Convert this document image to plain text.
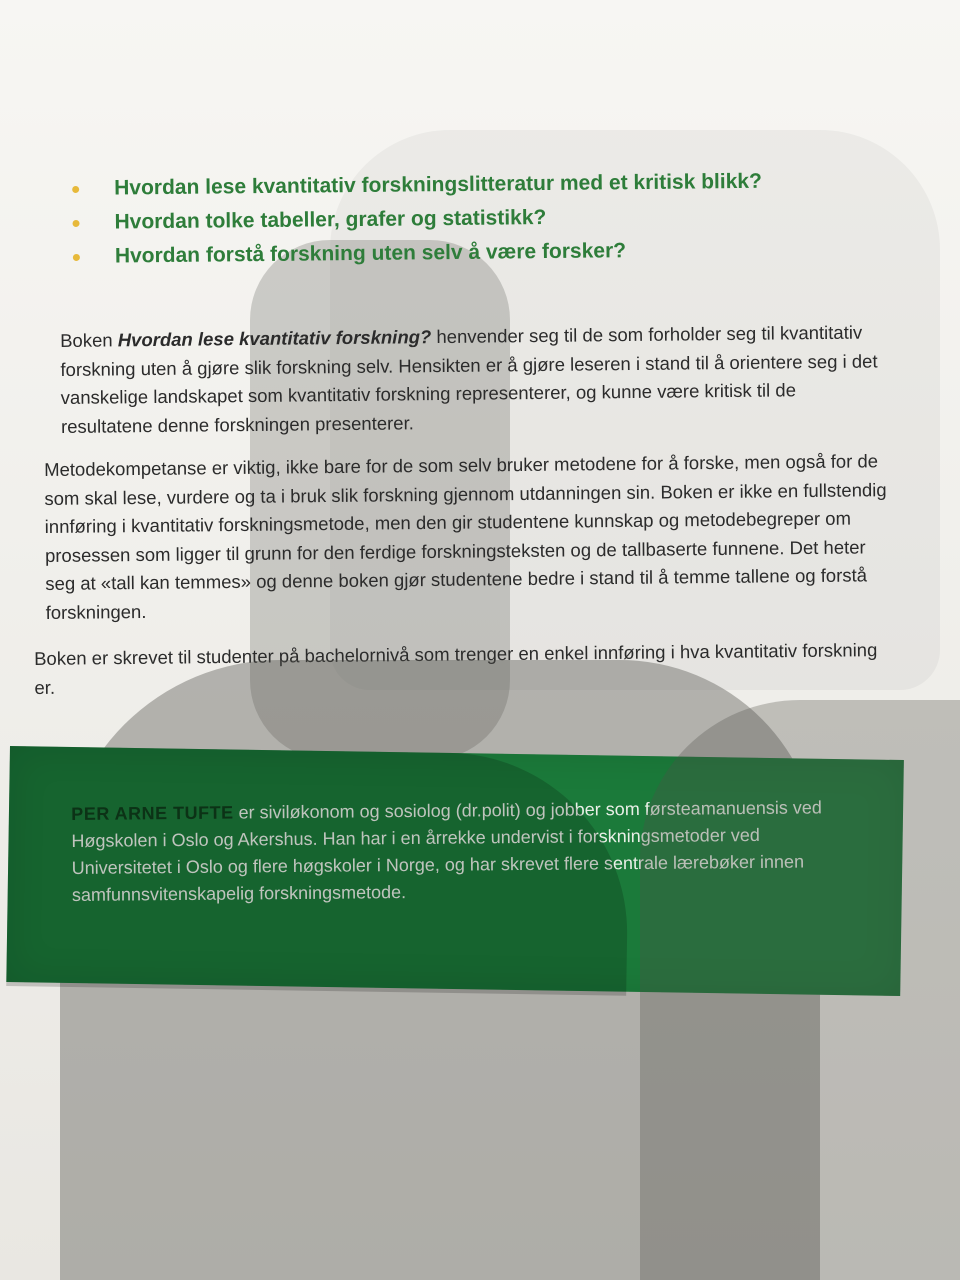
Hvordan lese kvantitativ forskningslitteratur med et kritisk blikk?
Hvordan tolke tabeller, grafer og statistikk?
Hvordan forstå forskning uten selv å være forsker?

Boken Hvordan lese kvantitativ forskning? henvender seg til de som forholder seg til kvantitativ forskning uten å gjøre slik forskning selv. Hensikten er å gjøre leseren i stand til å orientere seg i det vanskelige landskapet som kvantitativ forskning representerer, og kunne være kritisk til de resultatene denne forskningen presenterer.

Metodekompetanse er viktig, ikke bare for de som selv bruker metodene for å forske, men også for de som skal lese, vurdere og ta i bruk slik forskning gjennom utdanningen sin. Boken er ikke en fullstendig innføring i kvantitativ forskningsmetode, men den gir studentene kunnskap og metodebegreper om prosessen som ligger til grunn for den ferdige forskningsteksten og de tallbaserte funnene. Det heter seg at «tall kan temmes» og denne boken gjør studentene bedre i stand til å temme tallene og forstå forskningen.

Boken er skrevet til studenter på bachelornivå som trenger en enkel innføring i hva kvantitativ forskning er.

PER ARNE TUFTE er siviløkonom og sosiolog (dr.polit) og jobber som førsteamanuensis ved Høgskolen i Oslo og Akershus. Han har i en årrekke undervist i forskningsmetoder ved Universitetet i Oslo og flere høgskoler i Norge, og har skrevet flere sentrale lærebøker innen samfunnsvitenskapelig forskningsmetode.
